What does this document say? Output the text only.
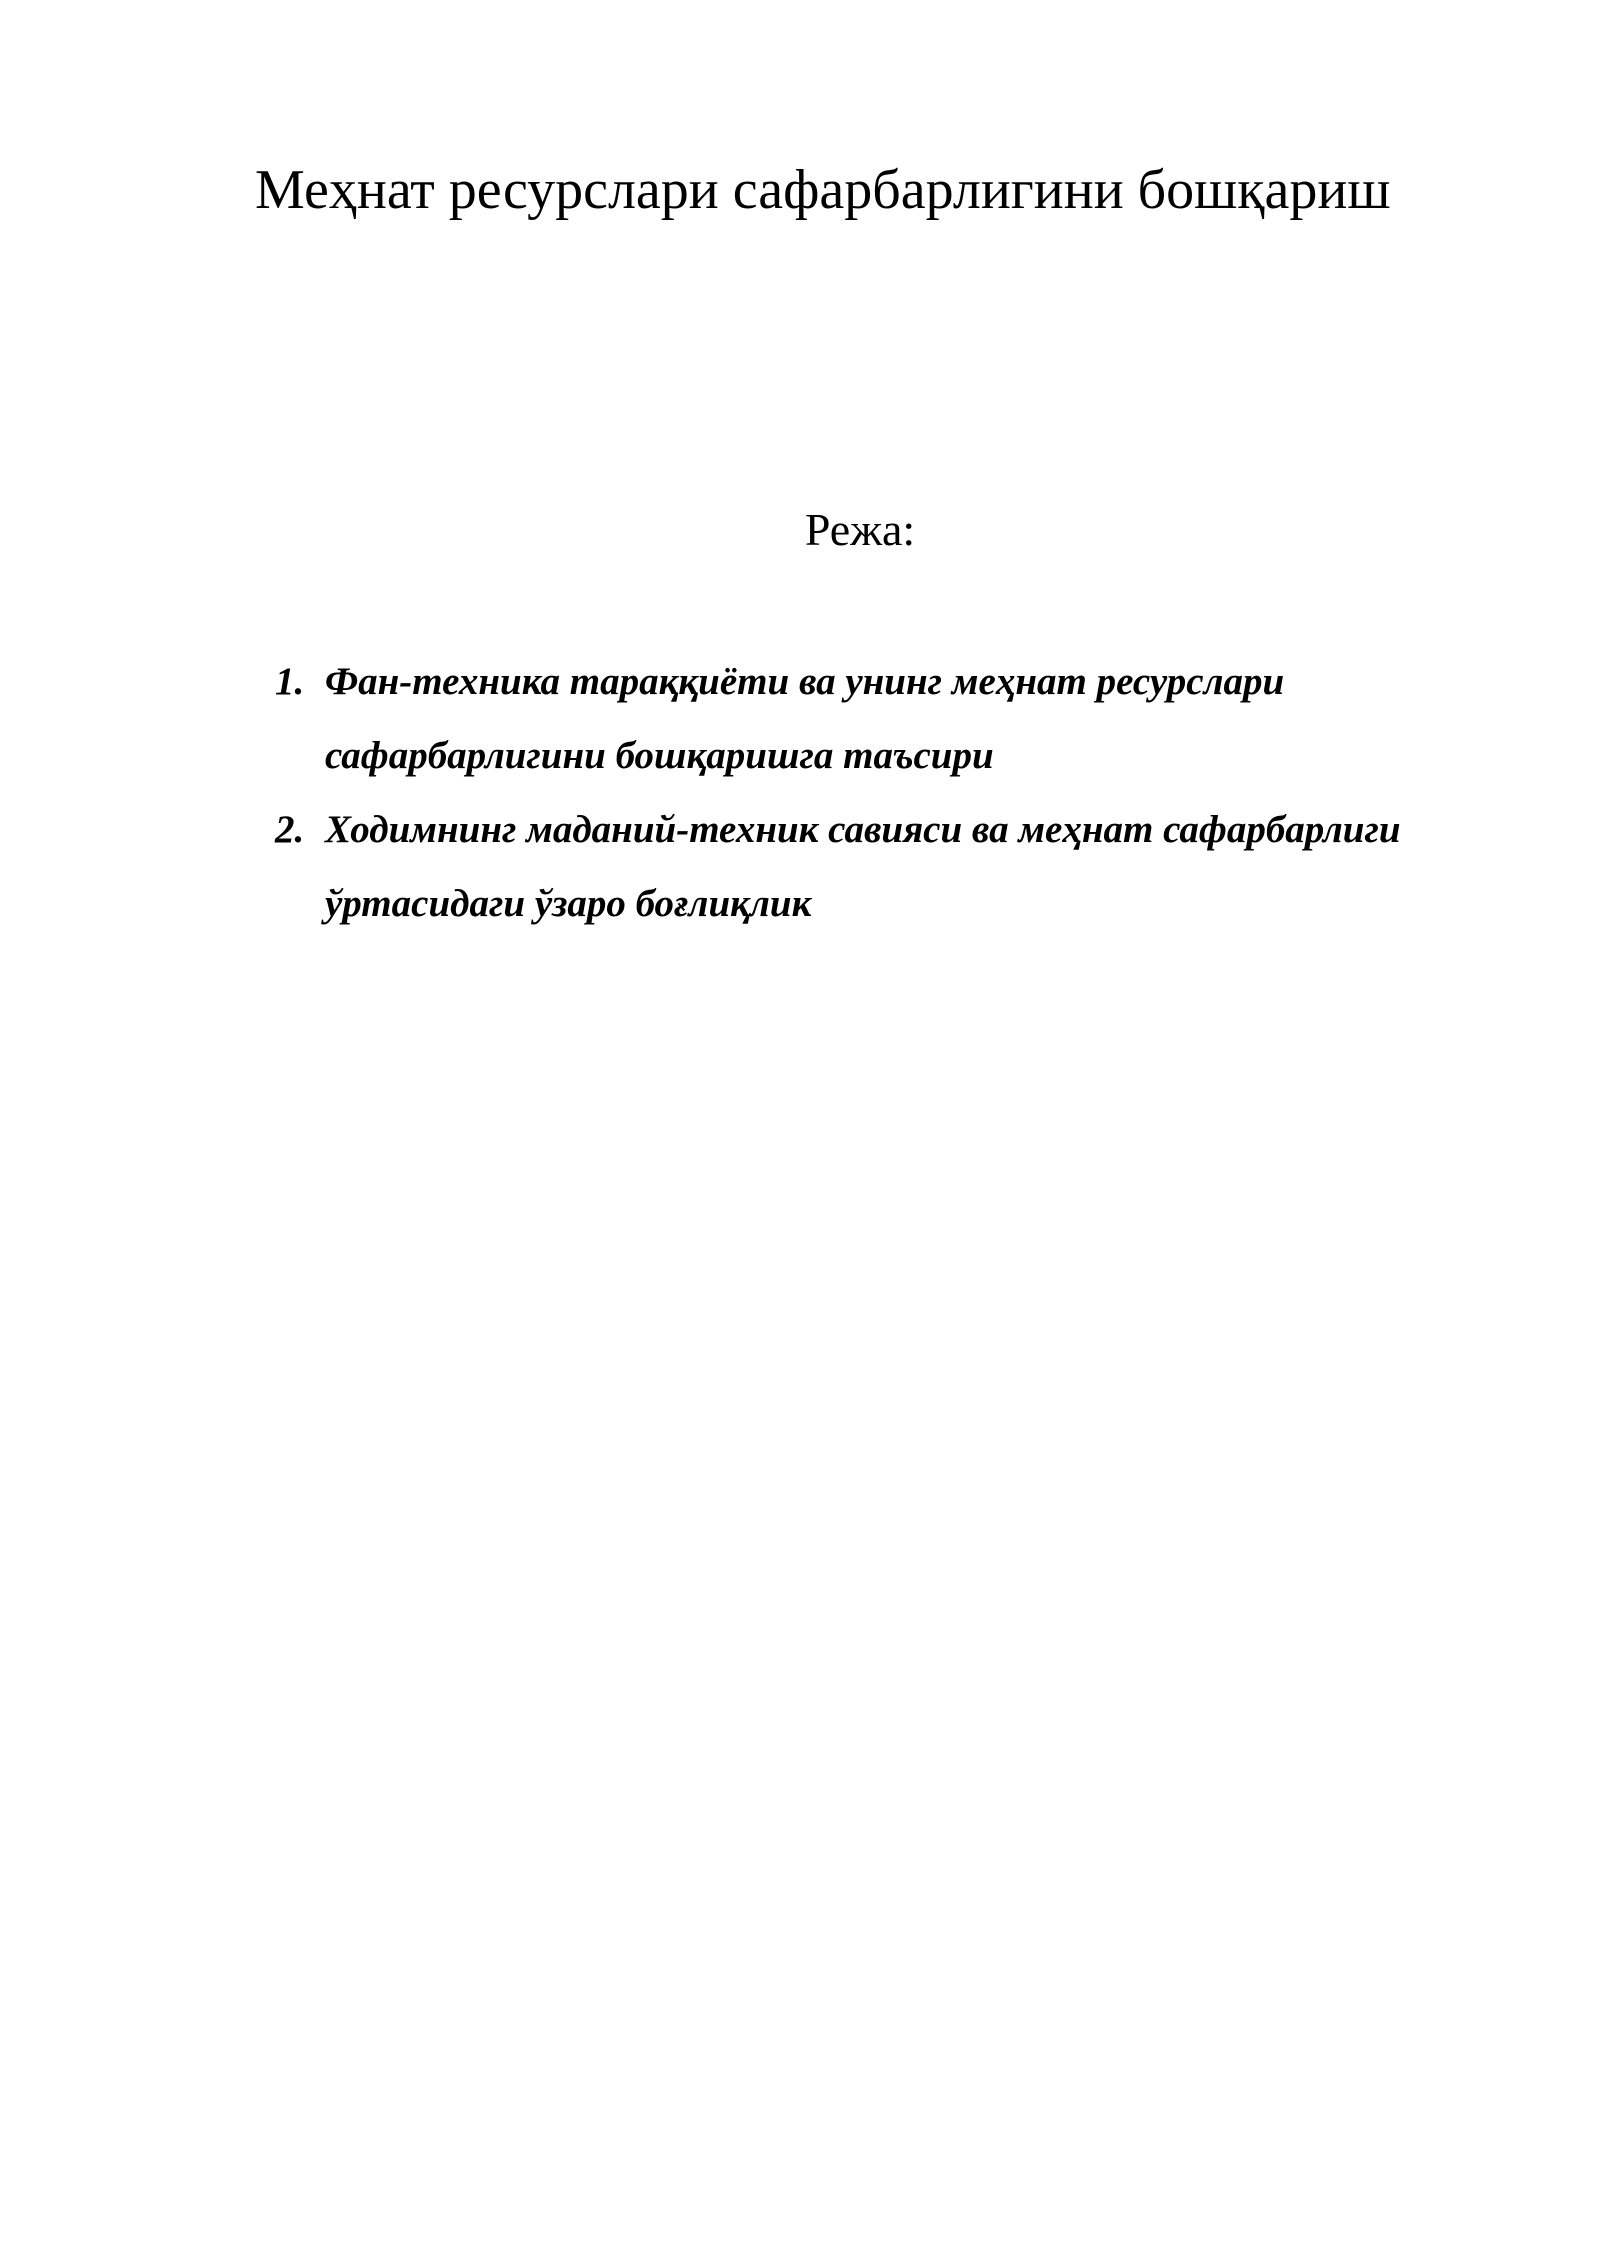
Меҳнат ресурслари сафарбарлигини бошқариш
Режа:
1. Фан-техника тараққиёти ва унинг меҳнат ресурслари сафарбарлигини бошқаришга таъсири
2. Ходимнинг маданий-техник савияси ва меҳнат сафарбарлиги ўртасидаги ўзаро боғлиқлик
